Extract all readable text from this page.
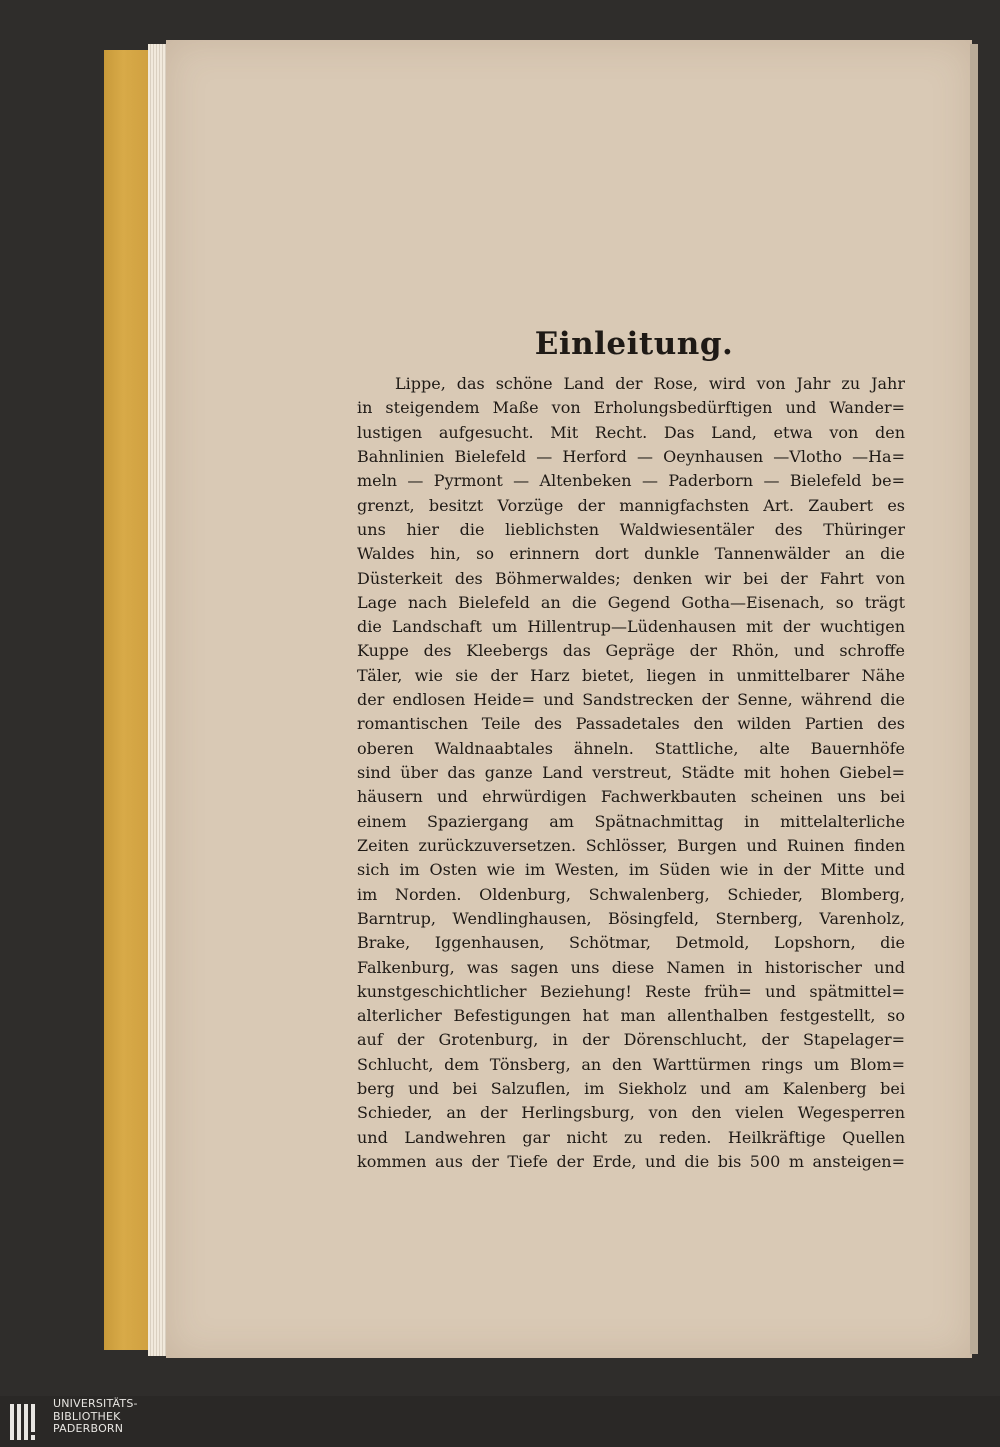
Einleitung.
Lippe, das schöne Land der Rose, wird von Jahr zu Jahr
in steigendem Maße von Erholungsbedürftigen und Wander=
lustigen aufgesucht. Mit Recht. Das Land, etwa von den
Bahnlinien Bielefeld — Herford — Oeynhausen —Vlotho —Ha=
meln — Pyrmont — Altenbeken — Paderborn — Bielefeld be=
grenzt, besitzt Vorzüge der mannigfachsten Art. Zaubert es
uns hier die lieblichsten Waldwiesentäler des Thüringer
Waldes hin, so erinnern dort dunkle Tannenwälder an die
Düsterkeit des Böhmerwaldes; denken wir bei der Fahrt von
Lage nach Bielefeld an die Gegend Gotha—Eisenach, so trägt
die Landschaft um Hillentrup—Lüdenhausen mit der wuchtigen
Kuppe des Kleebergs das Gepräge der Rhön, und schroffe
Täler, wie sie der Harz bietet, liegen in unmittelbarer Nähe
der endlosen Heide= und Sandstrecken der Senne, während die
romantischen Teile des Passadetales den wilden Partien des
oberen Waldnaabtales ähneln. Stattliche, alte Bauernhöfe
sind über das ganze Land verstreut, Städte mit hohen Giebel=
häusern und ehrwürdigen Fachwerkbauten scheinen uns bei
einem Spaziergang am Spätnachmittag in mittelalterliche
Zeiten zurückzuversetzen. Schlösser, Burgen und Ruinen finden
sich im Osten wie im Westen, im Süden wie in der Mitte und
im Norden. Oldenburg, Schwalenberg, Schieder, Blomberg,
Barntrup, Wendlinghausen, Bösingfeld, Sternberg, Varenholz,
Brake, Iggenhausen, Schötmar, Detmold, Lopshorn, die
Falkenburg, was sagen uns diese Namen in historischer und
kunstgeschichtlicher Beziehung! Reste früh= und spätmittel=
alterlicher Befestigungen hat man allenthalben festgestellt, so
auf der Grotenburg, in der Dörenschlucht, der Stapelager=
Schlucht, dem Tönsberg, an den Warttürmen rings um Blom=
berg und bei Salzuflen, im Siekholz und am Kalenberg bei
Schieder, an der Herlingsburg, von den vielen Wegesperren
und Landwehren gar nicht zu reden. Heilkräftige Quellen
kommen aus der Tiefe der Erde, und die bis 500 m ansteigen=
UNIVERSITÄTS-
BIBLIOTHEK
PADERBORN
